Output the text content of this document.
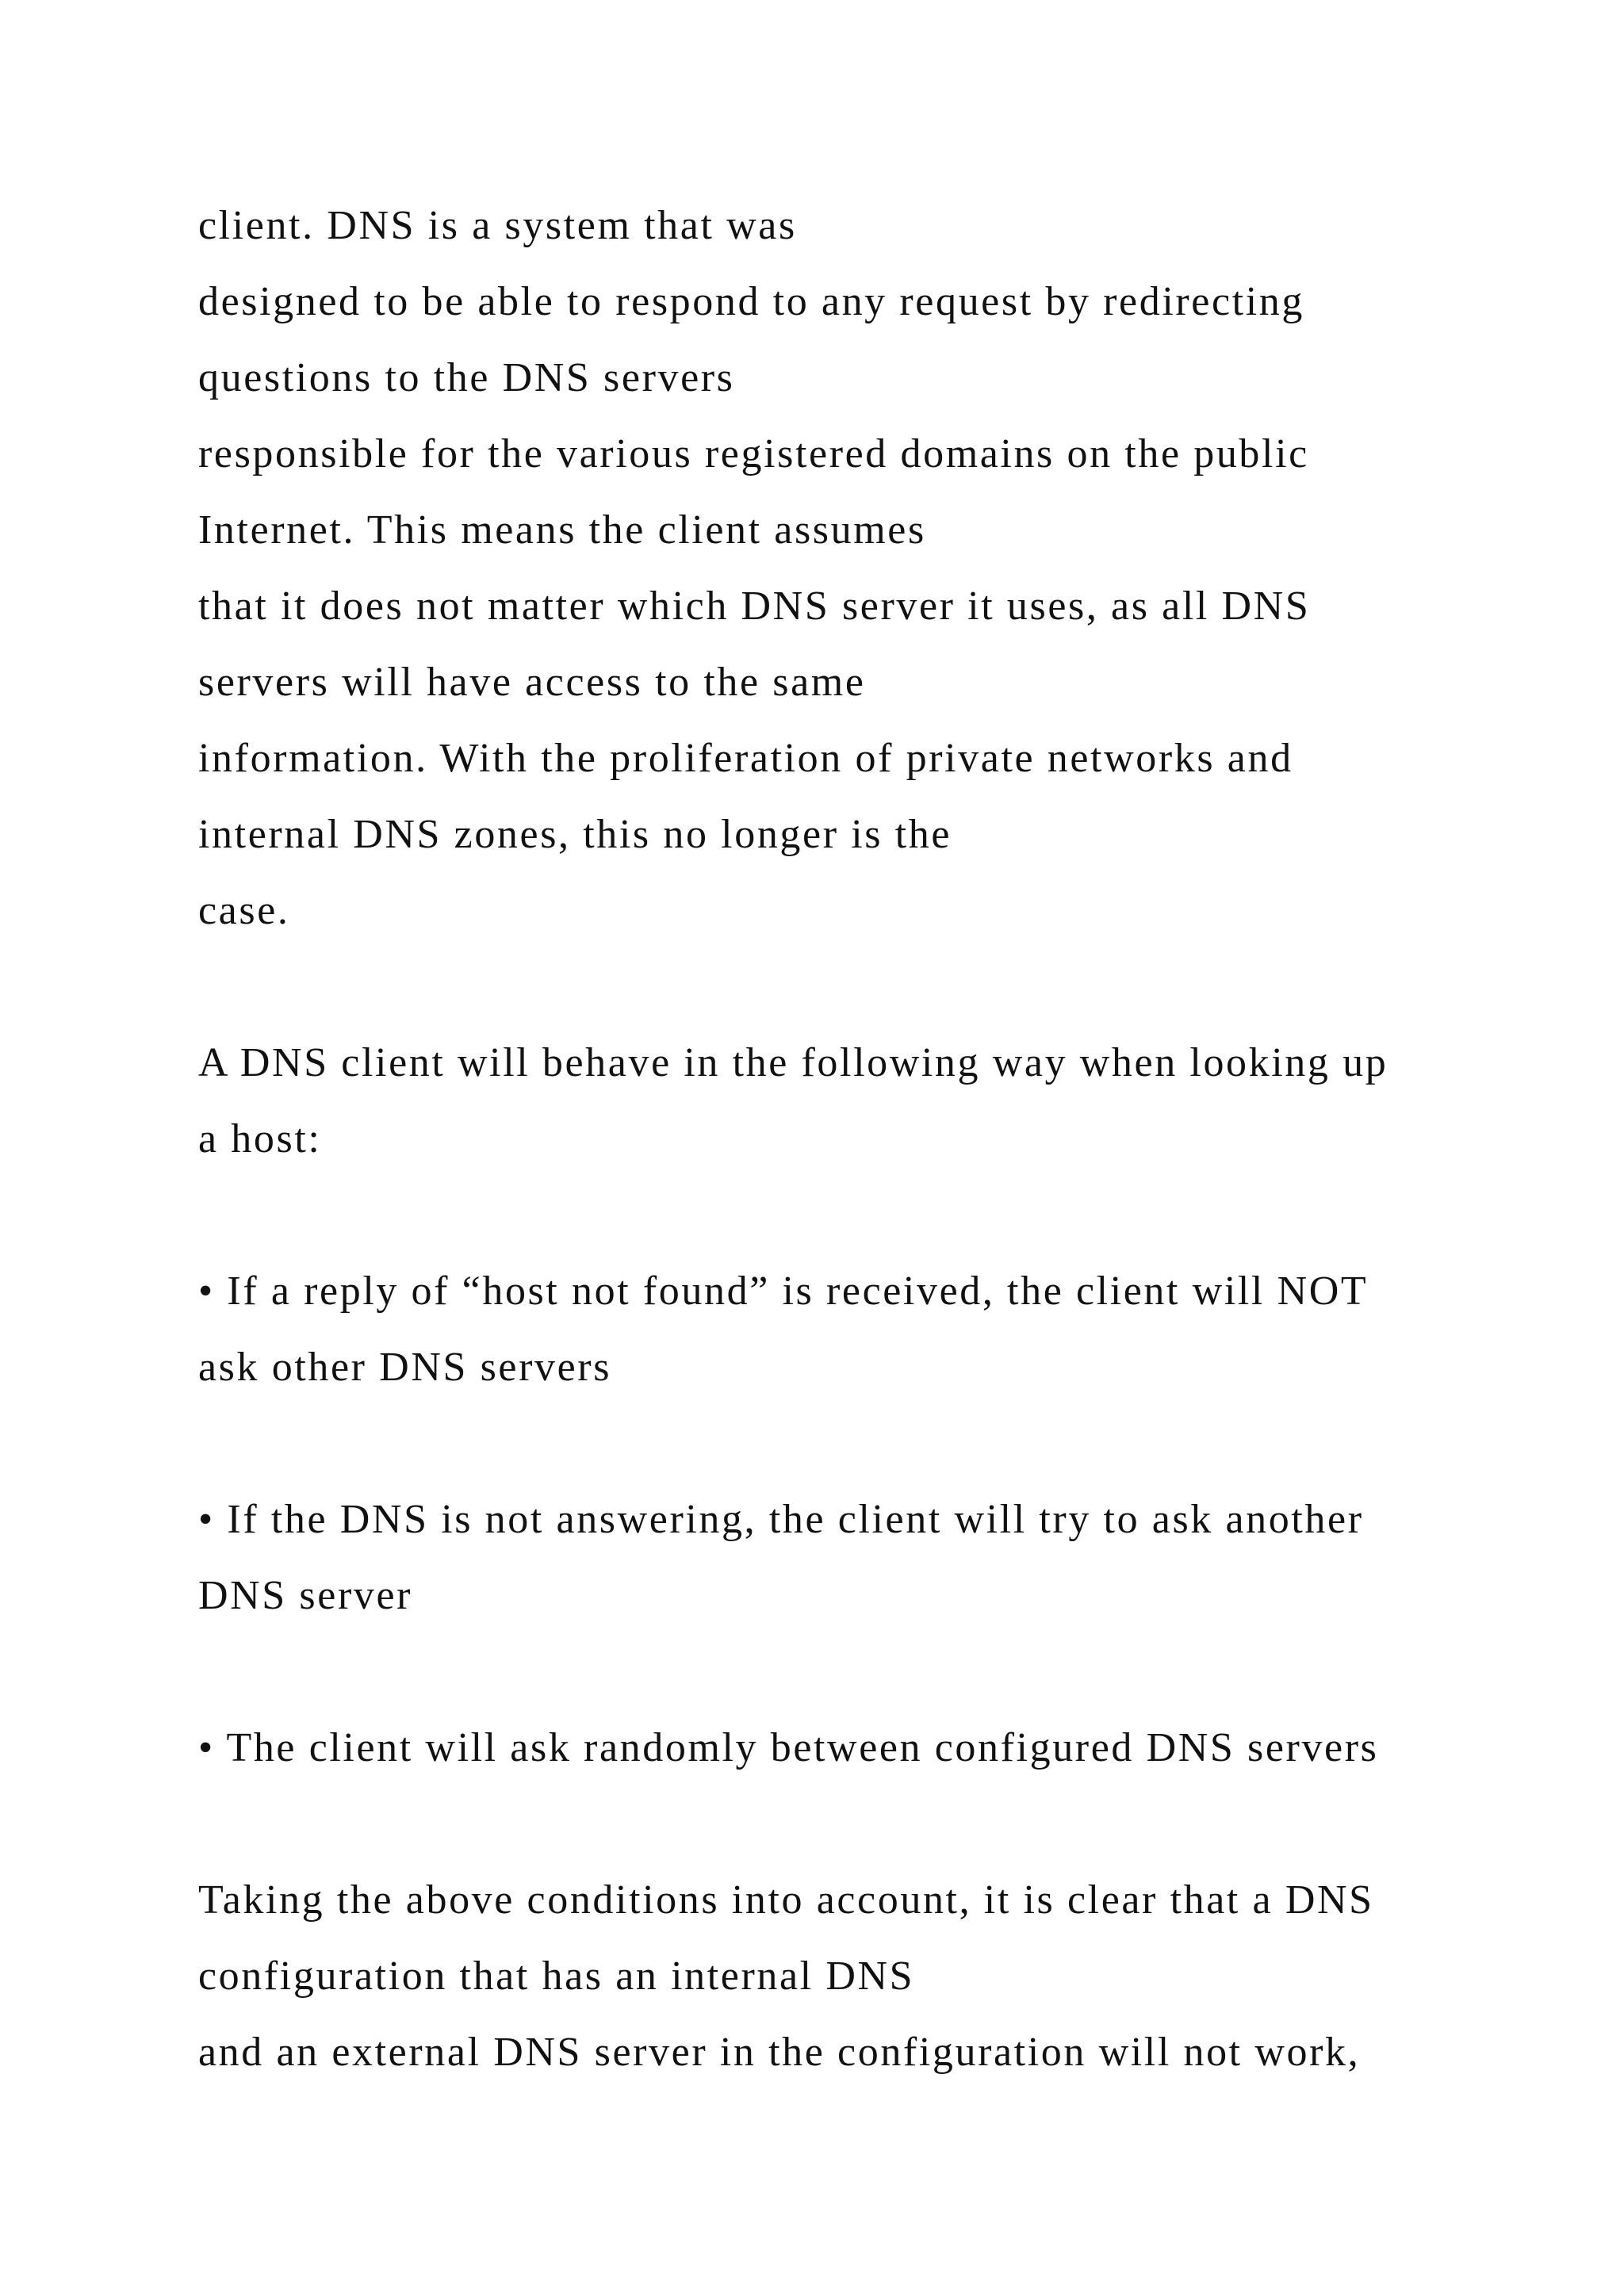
client. DNS is a system that was
designed to be able to respond to any request by redirecting
questions to the DNS servers
responsible for the various registered domains on the public
Internet. This means the client assumes
that it does not matter which DNS server it uses, as all DNS
servers will have access to the same
information. With the proliferation of private networks and
internal DNS zones, this no longer is the
case.
A DNS client will behave in the following way when looking up
a host:
• If a reply of “host not found” is received, the client will NOT
ask other DNS servers
• If the DNS is not answering, the client will try to ask another
DNS server
• The client will ask randomly between configured DNS servers
Taking the above conditions into account, it is clear that a DNS
configuration that has an internal DNS
and an external DNS server in the configuration will not work,
